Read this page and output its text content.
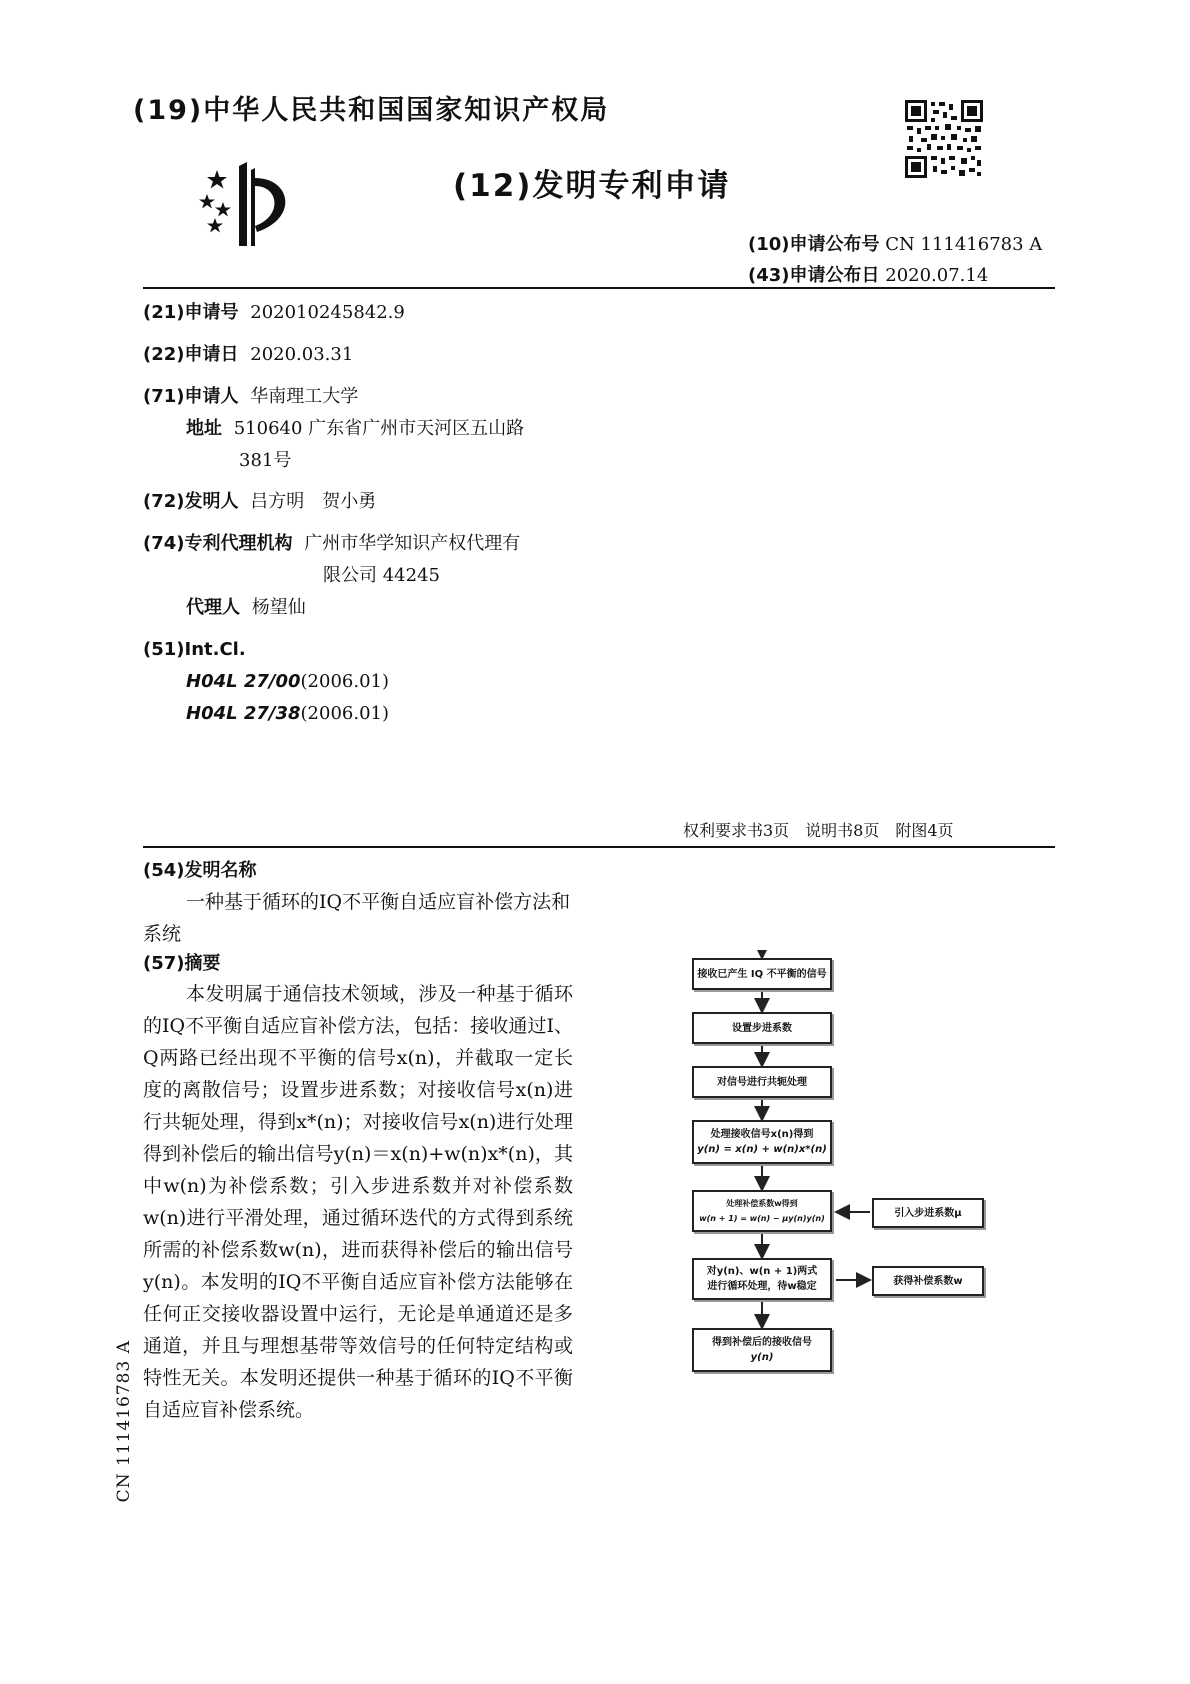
(19)中华人民共和国国家知识产权局
(12)发明专利申请
(10)申请公布号 CN 111416783 A
(43)申请公布日 2020.07.14
(21)申请号 202010245842.9
(22)申请日 2020.03.31
(71)申请人 华南理工大学
地址 510640 广东省广州市天河区五山路
381号
(72)发明人 吕方明　贺小勇
(74)专利代理机构 广州市华学知识产权代理有
限公司 44245
代理人 杨望仙
(51)Int.Cl.
H04L 27/00(2006.01)
H04L 27/38(2006.01)
权利要求书3页　说明书8页　附图4页
(54)发明名称
一种基于循环的IQ不平衡自适应盲补偿方法和系统
(57)摘要
本发明属于通信技术领域，涉及一种基于循环的IQ不平衡自适应盲补偿方法，包括：接收通过I、Q两路已经出现不平衡的信号x(n)，并截取一定长度的离散信号；设置步进系数；对接收信号x(n)进行共轭处理，得到x*(n)；对接收信号x(n)进行处理得到补偿后的输出信号y(n)＝x(n)+w(n)x*(n)，其中w(n)为补偿系数；引入步进系数并对补偿系数w(n)进行平滑处理，通过循环迭代的方式得到系统所需的补偿系数w(n)，进而获得补偿后的输出信号y(n)。本发明的IQ不平衡自适应盲补偿方法能够在任何正交接收器设置中运行，无论是单通道还是多通道，并且与理想基带等效信号的任何特定结构或特性无关。本发明还提供一种基于循环的IQ不平衡自适应盲补偿系统。
CN 111416783 A
接收已产生 IQ 不平衡的信号
设置步进系数
对信号进行共轭处理
处理接收信号x(n)得到
y(n) = x(n) + w(n)x*(n)
处理补偿系数w得到
w(n + 1) = w(n) − μy(n)y(n)
对y(n)、w(n + 1)两式
进行循环处理，待w稳定
得到补偿后的接收信号
y(n)
引入步进系数μ
获得补偿系数w
